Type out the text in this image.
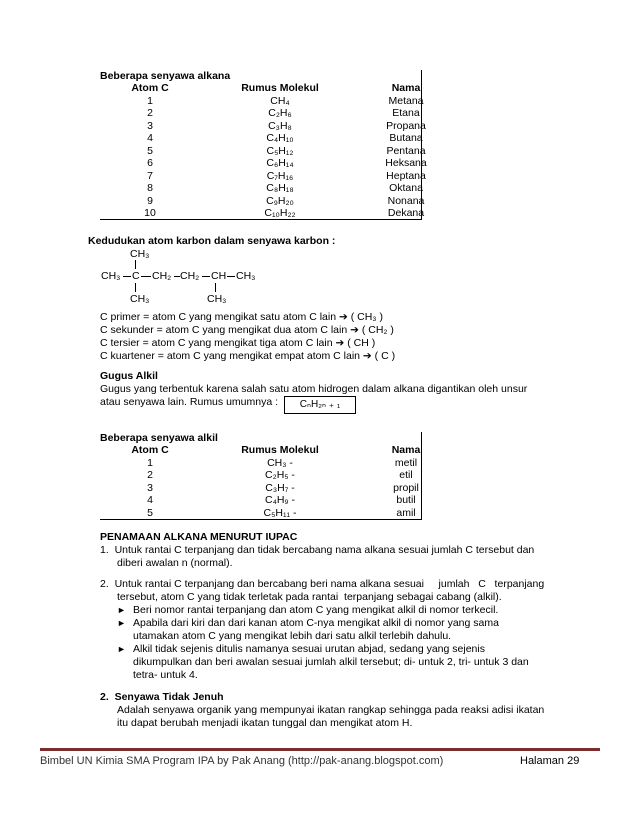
Beberapa senyawa alkana
Atom C	Rumus Molekul	Nama
1	CH₄	Metana
2	C₂H₆	Etana
3	C₃H₈	Propana
4	C₄H₁₀	Butana
5	C₅H₁₂	Pentana
6	C₆H₁₄	Heksana
7	C₇H₁₆	Heptana
8	C₈H₁₈	Oktana
9	C₉H₂₀	Nonana
10	C₁₀H₂₂	Dekana
Kedudukan atom karbon dalam senyawa karbon :
CH₃
CH₃ C CH₂ CH₂ CH CH₃
CH₃	CH₃
C primer = atom C yang mengikat satu atom C lain ➔ ( CH₃ )
C sekunder = atom C yang mengikat dua atom C lain ➔ ( CH₂ )
C tersier = atom C yang mengikat tiga atom C lain ➔ ( CH )
C kuartener = atom C yang mengikat empat atom C lain ➔ ( C )
Gugus Alkil
Gugus yang terbentuk karena salah satu atom hidrogen dalam alkana digantikan oleh unsur
atau senyawa lain. Rumus umumnya :	CₙH₂ₙ ₊ ₁
Beberapa senyawa alkil
Atom C	Rumus Molekul	Nama
1	CH₃ -	metil
2	C₂H₅ -	etil
3	C₃H₇ -	propil
4	C₄H₉ -	butil
5	C₅H₁₁ -	amil
PENAMAAN ALKANA MENURUT IUPAC
1.  Untuk rantai C terpanjang dan tidak bercabang nama alkana sesuai jumlah C tersebut dan
diberi awalan n (normal).
2.  Untuk rantai C terpanjang dan bercabang beri nama alkana sesuai     jumlah   C   terpanjang
tersebut, atom C yang tidak terletak pada rantai  terpanjang sebagai cabang (alkil).
► Beri nomor rantai terpanjang dan atom C yang mengikat alkil di nomor terkecil.
► Apabila dari kiri dan dari kanan atom C-nya mengikat alkil di nomor yang sama
utamakan atom C yang mengikat lebih dari satu alkil terlebih dahulu.
► Alkil tidak sejenis ditulis namanya sesuai urutan abjad, sedang yang sejenis
dikumpulkan dan beri awalan sesuai jumlah alkil tersebut; di- untuk 2, tri- untuk 3 dan
tetra- untuk 4.
2.  Senyawa Tidak Jenuh
Adalah senyawa organik yang mempunyai ikatan rangkap sehingga pada reaksi adisi ikatan
itu dapat berubah menjadi ikatan tunggal dan mengikat atom H.
Bimbel UN Kimia SMA Program IPA by Pak Anang (http://pak-anang.blogspot.com)	Halaman 29
